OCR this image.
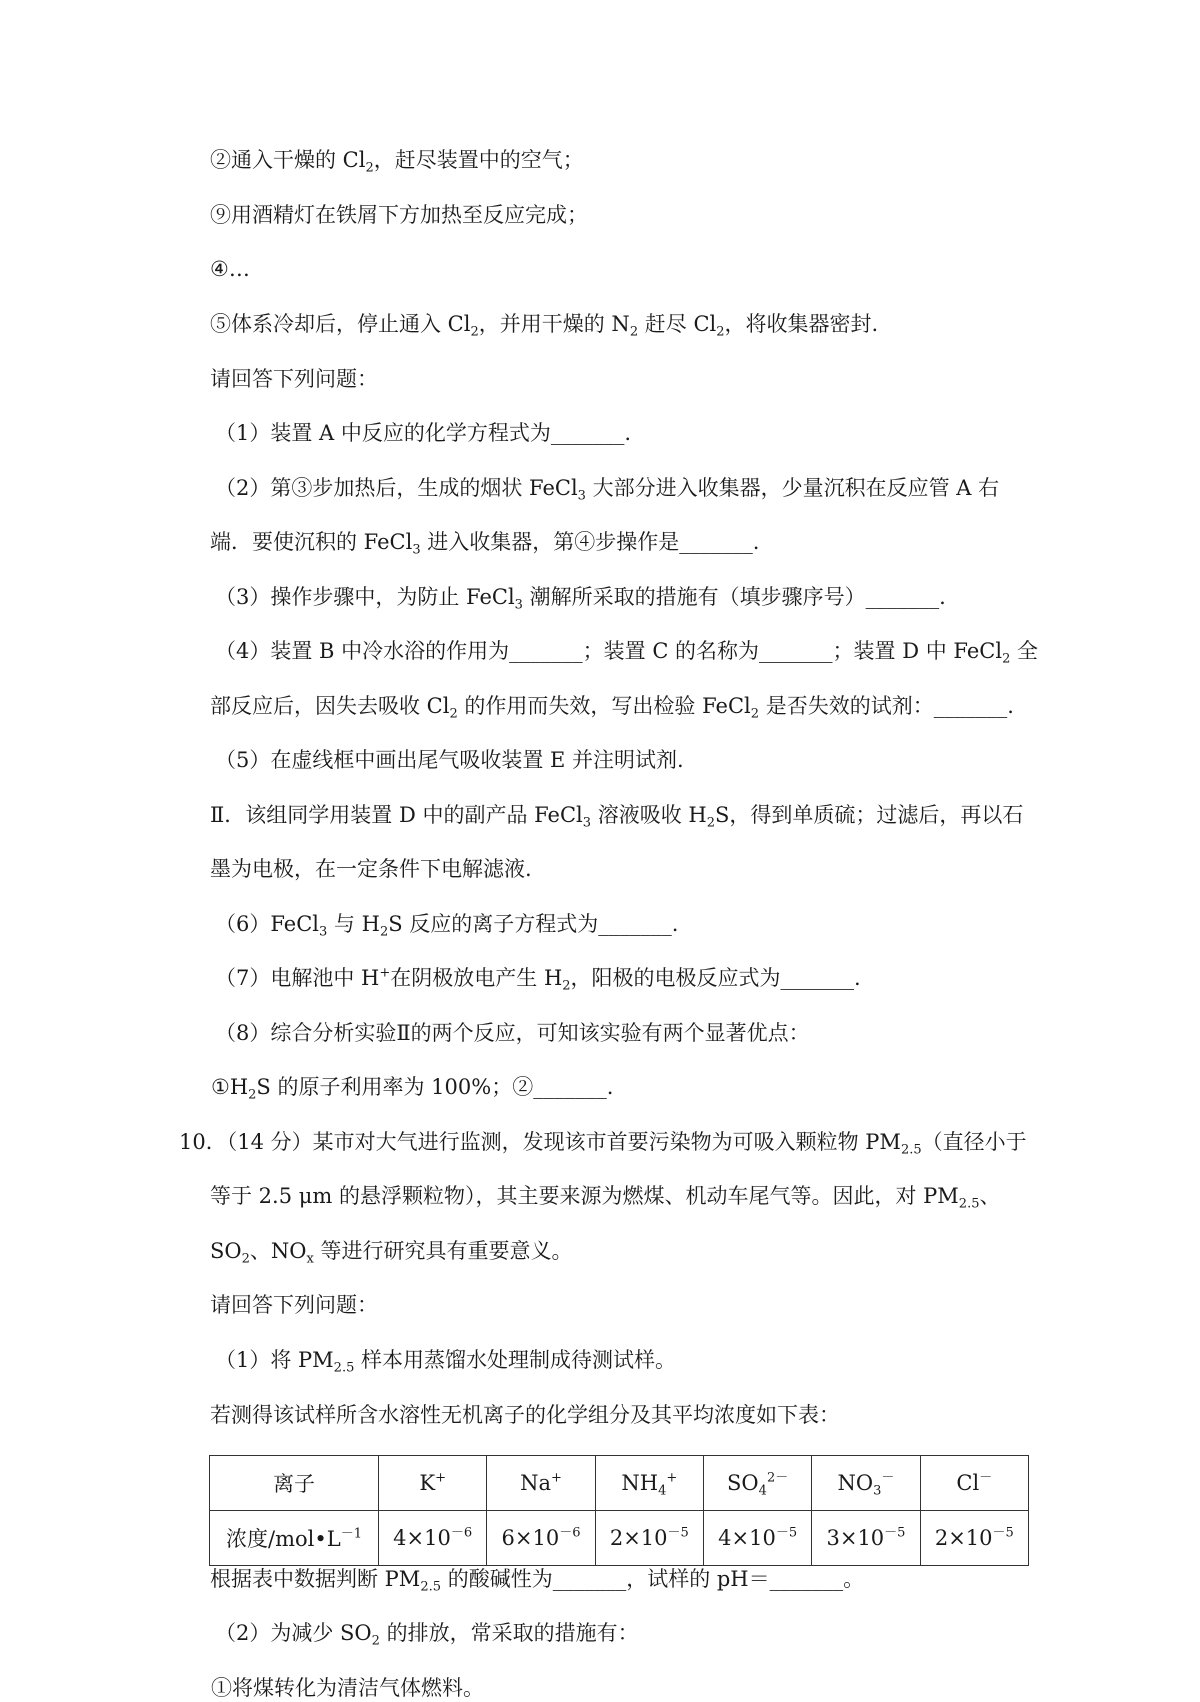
②通入干燥的 $Cl_2$，赶尽装置中的空气；
⑨用酒精灯在铁屑下方加热至反应完成；
④…
⑤体系冷却后，停止通入 $Cl_2$，并用干燥的 $N_2$ 赶尽 $Cl_2$，将收集器密封.
请回答下列问题：
（1）装置 A 中反应的化学方程式为_______.
（2）第③步加热后，生成的烟状 FeCl$_3$ 大部分进入收集器，少量沉积在反应管 A 右
端．要使沉积的 FeCl$_3$ 进入收集器，第④步操作是_______.
（3）操作步骤中，为防止 FeCl$_3$ 潮解所采取的措施有（填步骤序号）_______.
（4）装置 B 中冷水浴的作用为_______；装置 C 的名称为_______；装置 D 中 FeCl$_2$ 全
部反应后，因失去吸收 $Cl_2$ 的作用而失效，写出检验 FeCl$_2$ 是否失效的试剂：_______.
（5）在虚线框中画出尾气吸收装置 E 并注明试剂.
Ⅱ．该组同学用装置 D 中的副产品 FeCl$_3$ 溶液吸收 $H_2S$，得到单质硫；过滤后，再以石
墨为电极，在一定条件下电解滤液.
（6）FeCl$_3$ 与 $H_2S$ 反应的离子方程式为_______.
（7）电解池中 H+在阴极放电产生 $H_2$，阳极的电极反应式为_______.
（8）综合分析实验Ⅱ的两个反应，可知该实验有两个显著优点：
$①H_2S$ 的原子利用率为 100%；②_______.
10．（14 分）某市对大气进行监测，发现该市首要污染物为可吸入颗粒物 $PM_{2.5}$（直径小于
等于 2.5 μm 的悬浮颗粒物），其主要来源为燃煤、机动车尾气等。因此，对 $PM_{2.5}$、
$SO_2$、$NO_x$ 等进行研究具有重要意义。
请回答下列问题：
（1）将 $PM_{2.5}$ 样本用蒸馏水处理制成待测试样。
若测得该试样所含水溶性无机离子的化学组分及其平均浓度如下表：
离子	K+	Na+	$NH_4^+$	$SO_4^{2-}$	$NO_3^-$	Cl－
浓度$/mol•L^{-1}$	$4\times 10^{-6}$	$6\times 10^{-6}$	$2\times 10^{-5}$	$4\times 10^{-5}$	$3\times 10^{-5}$	$2\times 10^{-5}$
根据表中数据判断 $PM_{2.5}$ 的酸碱性为_______，试样的 pH＝_______。
（2）为减少 $SO_2$ 的排放，常采取的措施有：
①将煤转化为清洁气体燃料。
